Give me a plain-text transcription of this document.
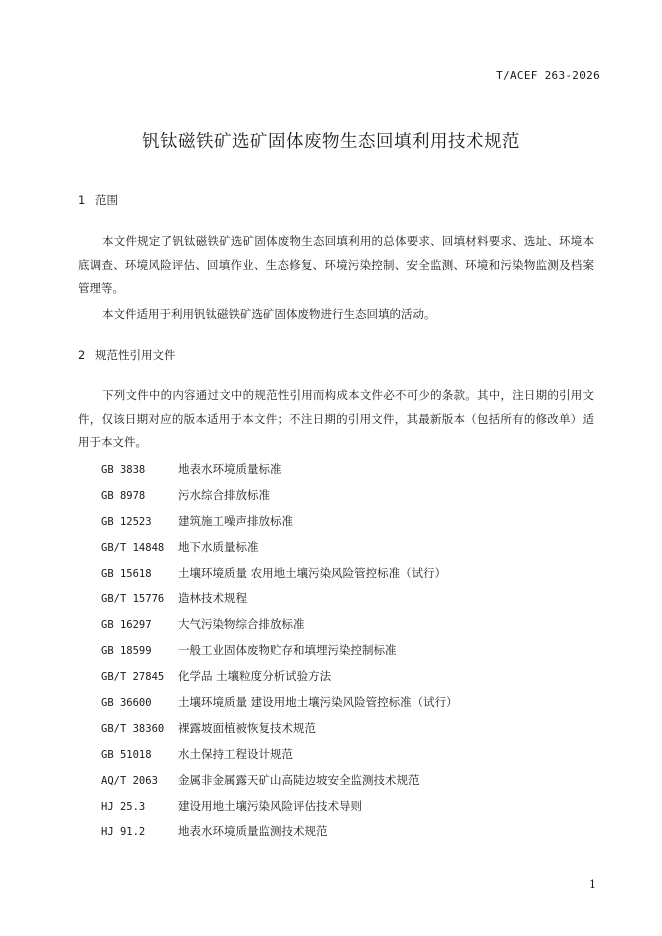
T/ACEF 263-2026
钒钛磁铁矿选矿固体废物生态回填利用技术规范
1 范围

本文件规定了钒钛磁铁矿选矿固体废物生态回填利用的总体要求、回填材料要求、选址、环境本底调查、环境风险评估、回填作业、生态修复、环境污染控制、安全监测、环境和污染物监测及档案管理等。

本文件适用于利用钒钛磁铁矿选矿固体废物进行生态回填的活动。

2 规范性引用文件

下列文件中的内容通过文中的规范性引用而构成本文件必不可少的条款。其中，注日期的引用文件，仅该日期对应的版本适用于本文件；不注日期的引用文件，其最新版本（包括所有的修改单）适用于本文件。

GB 3838	地表水环境质量标准
GB 8978	污水综合排放标准
GB 12523 建筑施工噪声排放标准
GB/T 14848 地下水质量标准
GB 15618 土壤环境质量 农用地土壤污染风险管控标准（试行）
GB/T 15776 造林技术规程
GB 16297 大气污染物综合排放标准
GB 18599 一般工业固体废物贮存和填埋污染控制标准
GB/T 27845 化学品 土壤粒度分析试验方法
GB 36600 土壤环境质量 建设用地土壤污染风险管控标准（试行）
GB/T 38360 裸露坡面植被恢复技术规范
GB 51018 水土保持工程设计规范
AQ/T 2063 金属非金属露天矿山高陡边坡安全监测技术规范
HJ 25.3	建设用地土壤污染风险评估技术导则
HJ 91.2	地表水环境质量监测技术规范
1
